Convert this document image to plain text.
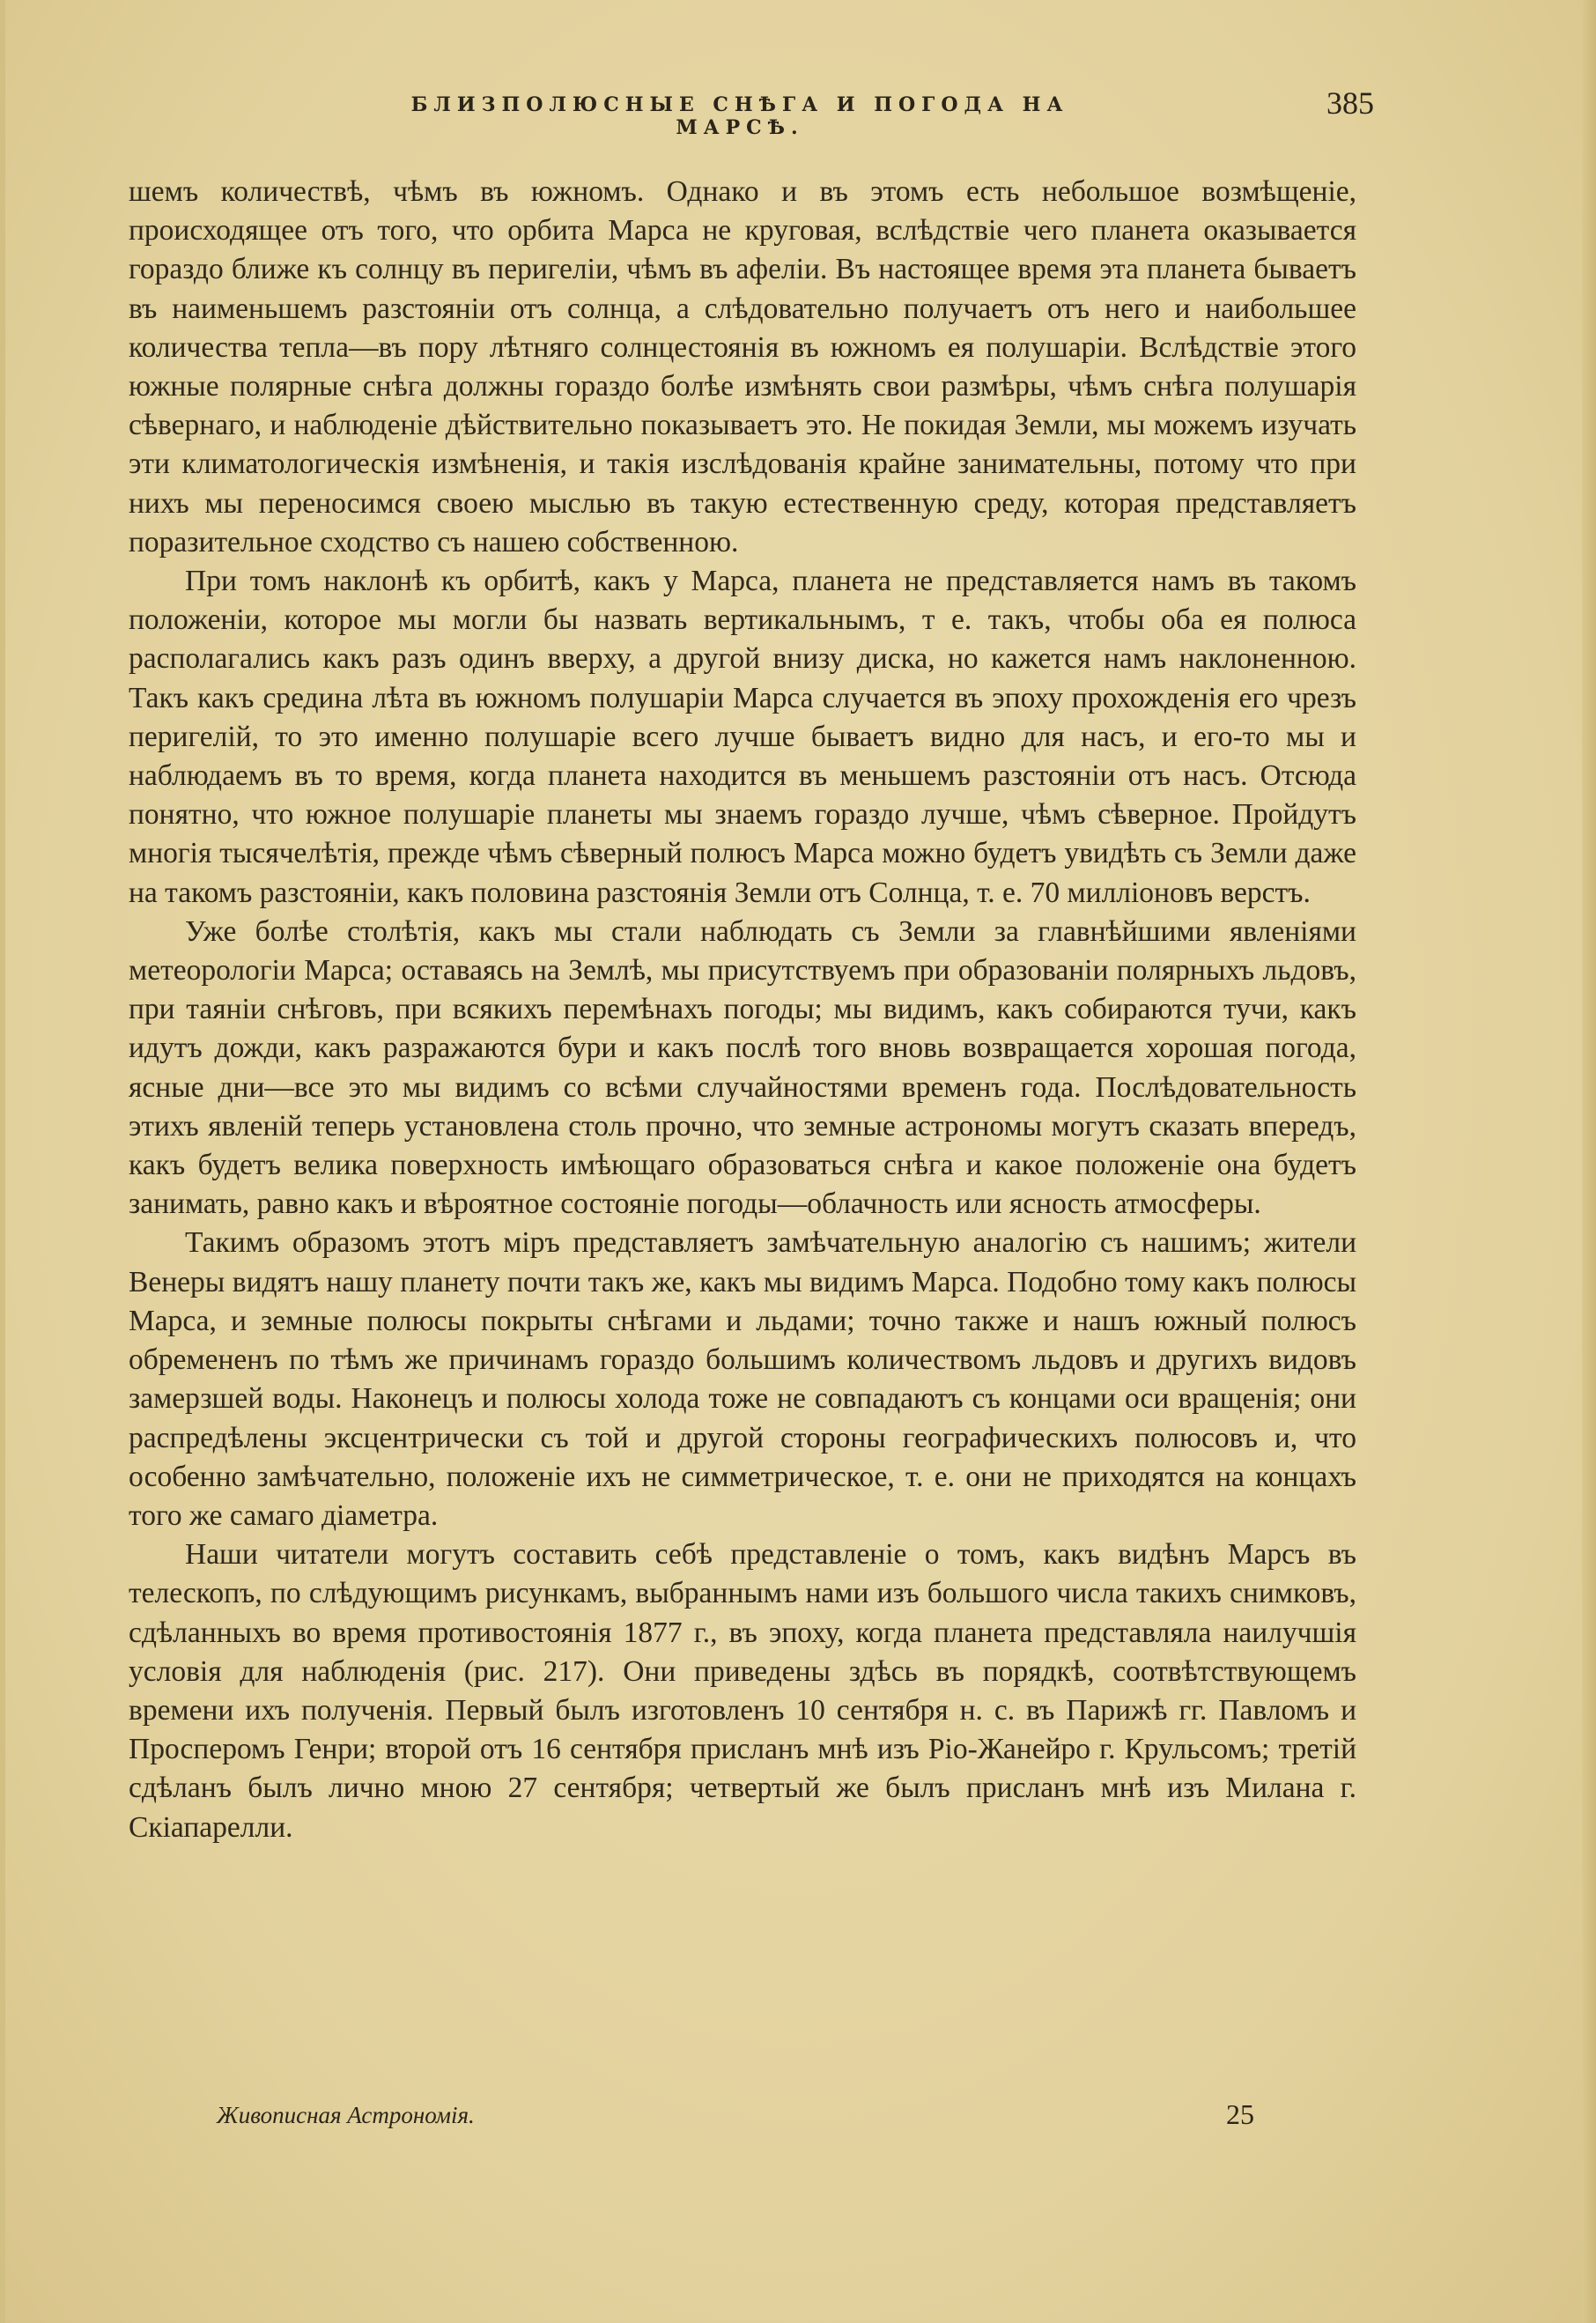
БЛИЗПОЛЮСНЫЕ СНѢГА И ПОГОДА НА МАРСѢ.
385

шемъ количествѣ, чѣмъ въ южномъ. Однако и въ этомъ есть небольшое возмѣщеніе, происходящее отъ того, что орбита Марса не круговая, вслѣдствіе чего планета оказывается гораздо ближе къ солнцу въ перигеліи, чѣмъ въ афеліи. Въ настоящее время эта планета бываетъ въ наименьшемъ разстояніи отъ солнца, а слѣдовательно получаетъ отъ него и наибольшее количества тепла—въ пору лѣтняго солнцестоянія въ южномъ ея полушаріи. Вслѣдствіе этого южные полярные снѣга должны гораздо болѣе измѣнять свои размѣры, чѣмъ снѣга полушарія сѣвернаго, и наблюденіе дѣйствительно показываетъ это. Не покидая Земли, мы можемъ изучать эти климатологическія измѣненія, и такія изслѣдованія крайне занимательны, потому что при нихъ мы переносимся своею мыслью въ такую естественную среду, которая представляетъ поразительное сходство съ нашею собственною.

При томъ наклонѣ къ орбитѣ, какъ у Марса, планета не представляется намъ въ такомъ положеніи, которое мы могли бы назвать вертикальнымъ, т е. такъ, чтобы оба ея полюса располагались какъ разъ одинъ вверху, а другой внизу диска, но кажется намъ наклоненною. Такъ какъ средина лѣта въ южномъ полушаріи Марса случается въ эпоху прохожденія его чрезъ перигелій, то это именно полушаріе всего лучше бываетъ видно для насъ, и его-то мы и наблюдаемъ въ то время, когда планета находится въ меньшемъ разстояніи отъ насъ. Отсюда понятно, что южное полушаріе планеты мы знаемъ гораздо лучше, чѣмъ сѣверное. Пройдутъ многія тысячелѣтія, прежде чѣмъ сѣверный полюсъ Марса можно будетъ увидѣть съ Земли даже на такомъ разстояніи, какъ половина разстоянія Земли отъ Солнца, т. е. 70 милліоновъ верстъ.

Уже болѣе столѣтія, какъ мы стали наблюдать съ Земли за главнѣйшими явленіями метеорологіи Марса; оставаясь на Землѣ, мы присутствуемъ при образованіи полярныхъ льдовъ, при таяніи снѣговъ, при всякихъ перемѣнахъ погоды; мы видимъ, какъ собираются тучи, какъ идутъ дожди, какъ разражаются бури и какъ послѣ того вновь возвращается хорошая погода, ясные дни—все это мы видимъ со всѣми случайностями временъ года. Послѣдовательность этихъ явленій теперь установлена столь прочно, что земные астрономы могутъ сказать впередъ, какъ будетъ велика поверхность имѣющаго образоваться снѣга и какое положеніе она будетъ занимать, равно какъ и вѣроятное состояніе погоды—облачность или ясность атмосферы.

Такимъ образомъ этотъ міръ представляетъ замѣчательную аналогію съ нашимъ; жители Венеры видятъ нашу планету почти такъ же, какъ мы видимъ Марса. Подобно тому какъ полюсы Марса, и земные полюсы покрыты снѣгами и льдами; точно также и нашъ южный полюсъ обремененъ по тѣмъ же причинамъ гораздо большимъ количествомъ льдовъ и другихъ видовъ замерзшей воды. Наконецъ и полюсы холода тоже не совпадаютъ съ концами оси вращенія; они распредѣлены эксцентрически съ той и другой стороны географическихъ полюсовъ и, что особенно замѣчательно, положеніе ихъ не симметрическое, т. е. они не приходятся на концахъ того же самаго діаметра.

Наши читатели могутъ составить себѣ представленіе о томъ, какъ видѣнъ Марсъ въ телескопъ, по слѣдующимъ рисункамъ, выбраннымъ нами изъ большого числа такихъ снимковъ, сдѣланныхъ во время противостоянія 1877 г., въ эпоху, когда планета представляла наилучшія условія для наблюденія (рис. 217). Они приведены здѣсь въ порядкѣ, соотвѣтствующемъ времени ихъ полученія. Первый былъ изготовленъ 10 сентября н. с. въ Парижѣ гг. Павломъ и Просперомъ Генри; второй отъ 16 сентября присланъ мнѣ изъ Ріо-Жанейро г. Крульсомъ; третій сдѣланъ былъ лично мною 27 сентября; четвертый же былъ присланъ мнѣ изъ Милана г. Скіапарелли.

Живописная Астрономія.	25
